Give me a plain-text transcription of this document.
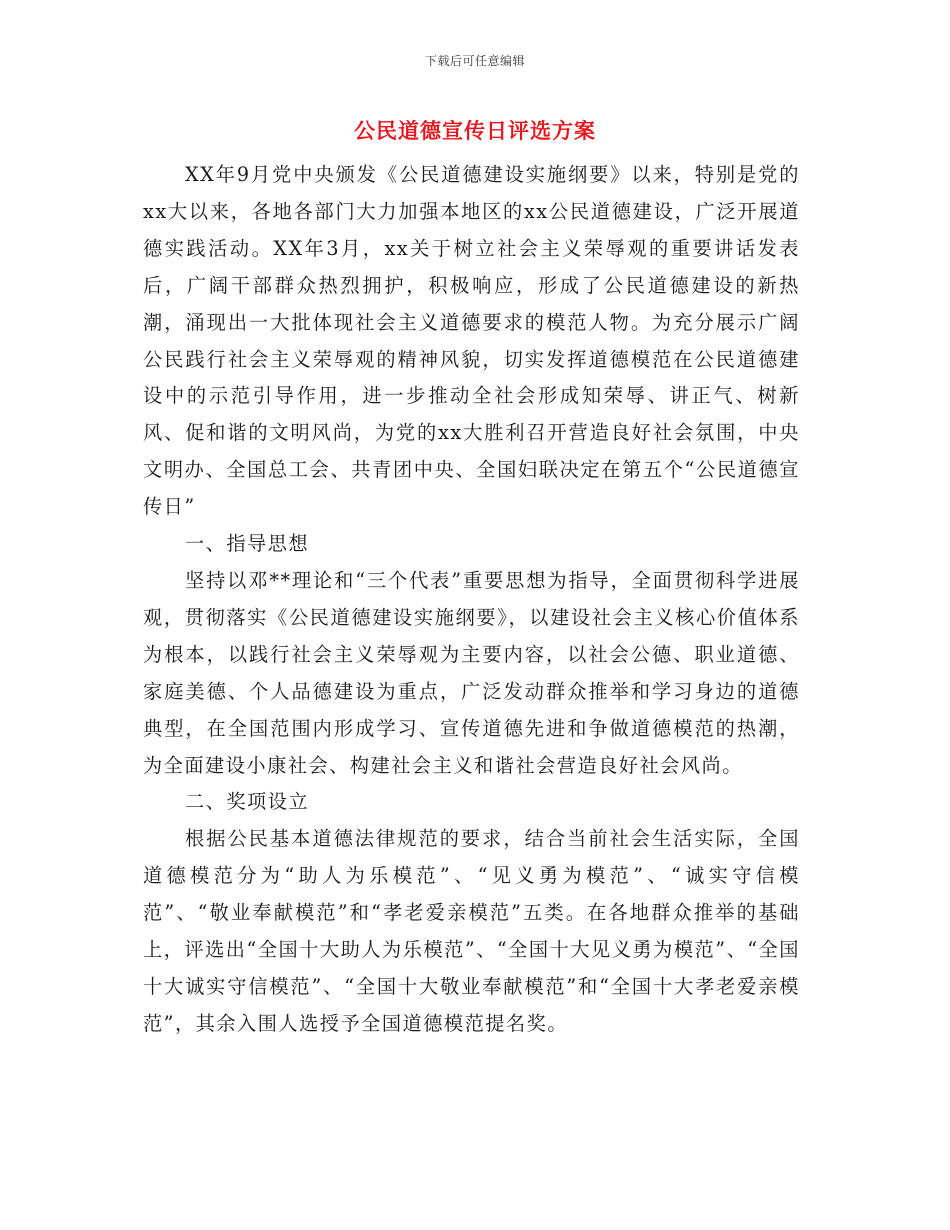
下载后可任意编辑
公民道德宣传日评选方案

XX年9月党中央颁发《公民道德建设实施纲要》以来，特别是党的xx大以来，各地各部门大力加强本地区的xx公民道德建设，广泛开展道德实践活动。XX年3月，xx关于树立社会主义荣辱观的重要讲话发表后，广阔干部群众热烈拥护，积极响应，形成了公民道德建设的新热潮，涌现出一大批体现社会主义道德要求的模范人物。为充分展示广阔公民践行社会主义荣辱观的精神风貌，切实发挥道德模范在公民道德建设中的示范引导作用，进一步推动全社会形成知荣辱、讲正气、树新风、促和谐的文明风尚，为党的xx大胜利召开营造良好社会氛围，中央文明办、全国总工会、共青团中央、全国妇联决定在第五个“公民道德宣传日”

一、指导思想

坚持以邓**理论和“三个代表”重要思想为指导，全面贯彻科学进展观，贯彻落实《公民道德建设实施纲要》，以建设社会主义核心价值体系为根本，以践行社会主义荣辱观为主要内容，以社会公德、职业道德、家庭美德、个人品德建设为重点，广泛发动群众推举和学习身边的道德典型，在全国范围内形成学习、宣传道德先进和争做道德模范的热潮，为全面建设小康社会、构建社会主义和谐社会营造良好社会风尚。

二、奖项设立

根据公民基本道德法律规范的要求，结合当前社会生活实际，全国道德模范分为“助人为乐模范”、“见义勇为模范”、“诚实守信模范”、“敬业奉献模范”和“孝老爱亲模范”五类。在各地群众推举的基础上，评选出“全国十大助人为乐模范”、“全国十大见义勇为模范”、“全国十大诚实守信模范”、“全国十大敬业奉献模范”和“全国十大孝老爱亲模范”，其余入围人选授予全国道德模范提名奖。
